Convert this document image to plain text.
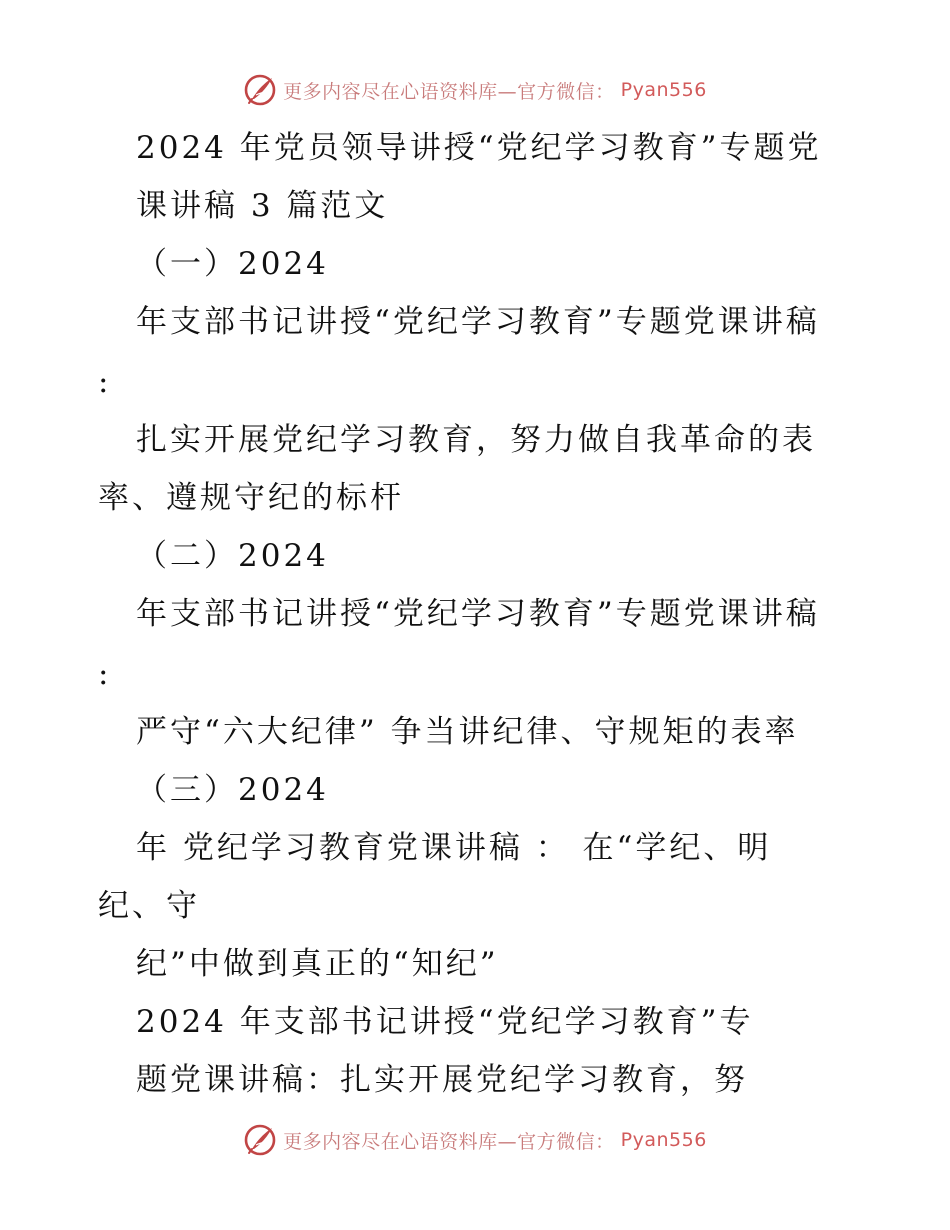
更多内容尽在心语资料库—官方微信： Pyan556
2024 年党员领导讲授“党纪学习教育”专题党
课讲稿 3 篇范文
（一）2024
年支部书记讲授“党纪学习教育”专题党课讲稿
:
扎实开展党纪学习教育，努力做自我革命的表
率、遵规守纪的标杆
（二）2024
年支部书记讲授“党纪学习教育”专题党课讲稿
:
严守“六大纪律” 争当讲纪律、守规矩的表率
（三）2024
年 党纪学习教育党课讲稿 ： 在“学纪、明
纪、守
纪”中做到真正的“知纪”
2024 年支部书记讲授“党纪学习教育”专
题党课讲稿：扎实开展党纪学习教育，努
更多内容尽在心语资料库—官方微信： Pyan556
